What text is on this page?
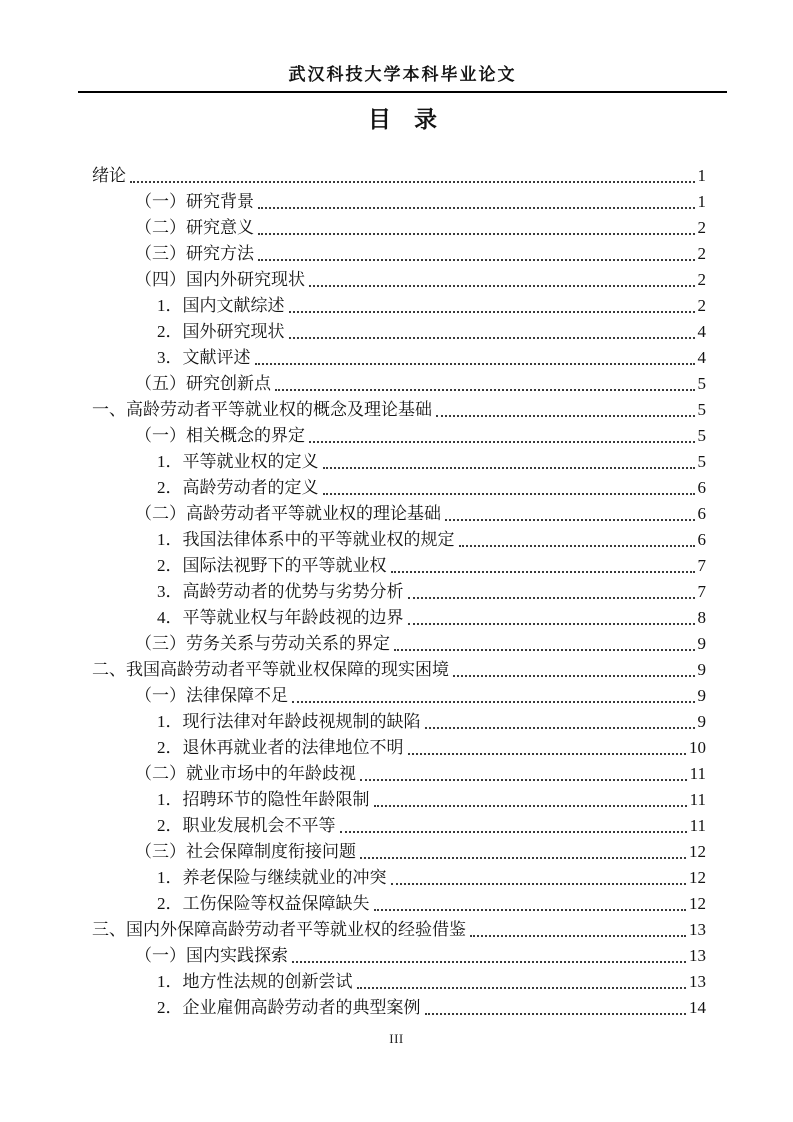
武汉科技大学本科毕业论文
目　录
绪论	1
（一）研究背景	1
（二）研究意义	2
（三）研究方法	2
（四）国内外研究现状	2
1．国内文献综述	2
2．国外研究现状	4
3．文献评述	4
（五）研究创新点	5
一、高龄劳动者平等就业权的概念及理论基础	5
（一）相关概念的界定	5
1．平等就业权的定义	5
2．高龄劳动者的定义	6
（二）高龄劳动者平等就业权的理论基础	6
1．我国法律体系中的平等就业权的规定	6
2．国际法视野下的平等就业权	7
3．高龄劳动者的优势与劣势分析	7
4．平等就业权与年龄歧视的边界	8
（三）劳务关系与劳动关系的界定	9
二、我国高龄劳动者平等就业权保障的现实困境	9
（一）法律保障不足	9
1．现行法律对年龄歧视规制的缺陷	9
2．退休再就业者的法律地位不明	10
（二）就业市场中的年龄歧视	11
1．招聘环节的隐性年龄限制	11
2．职业发展机会不平等	11
（三）社会保障制度衔接问题	12
1．养老保险与继续就业的冲突	12
2．工伤保险等权益保障缺失	12
三、国内外保障高龄劳动者平等就业权的经验借鉴	13
（一）国内实践探索	13
1．地方性法规的创新尝试	13
2．企业雇佣高龄劳动者的典型案例	14
III
